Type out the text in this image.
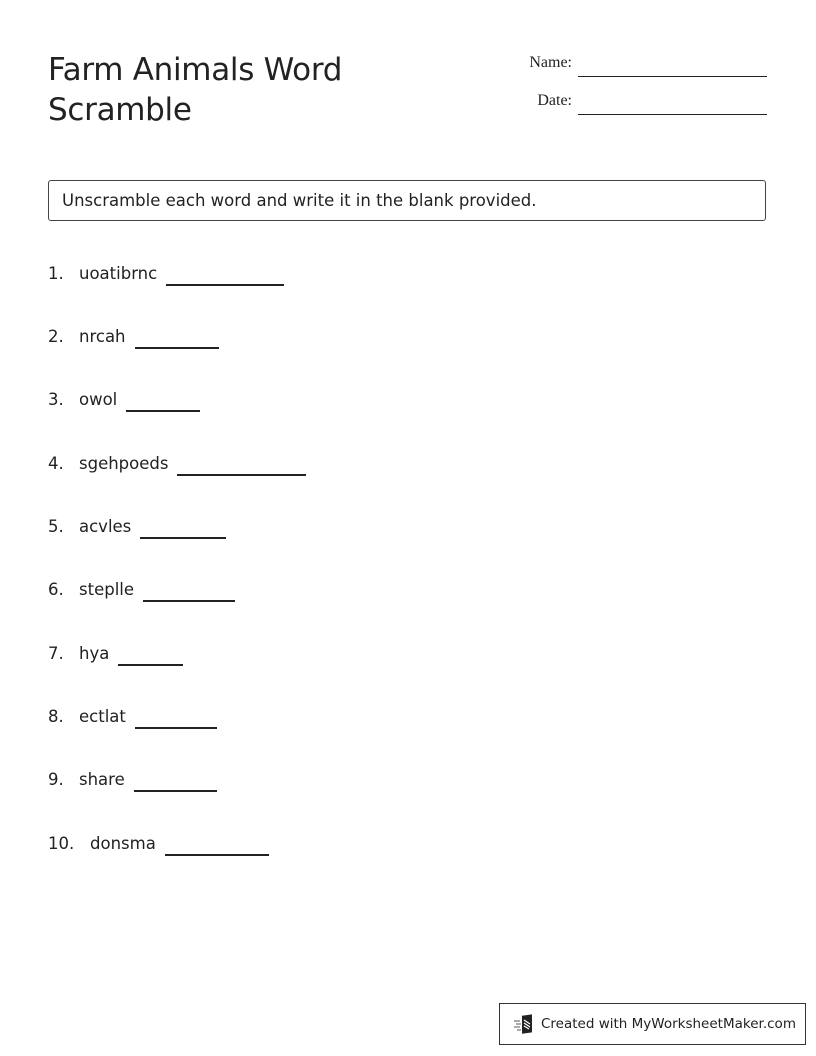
Farm Animals Word Scramble
Name:
Date:
Unscramble each word and write it in the blank provided.
1. uoatibrnc
2. nrcah
3. owol
4. sgehpoeds
5. acvles
6. steplle
7. hya
8. ectlat
9. share
10. donsma
Created with MyWorksheetMaker.com
